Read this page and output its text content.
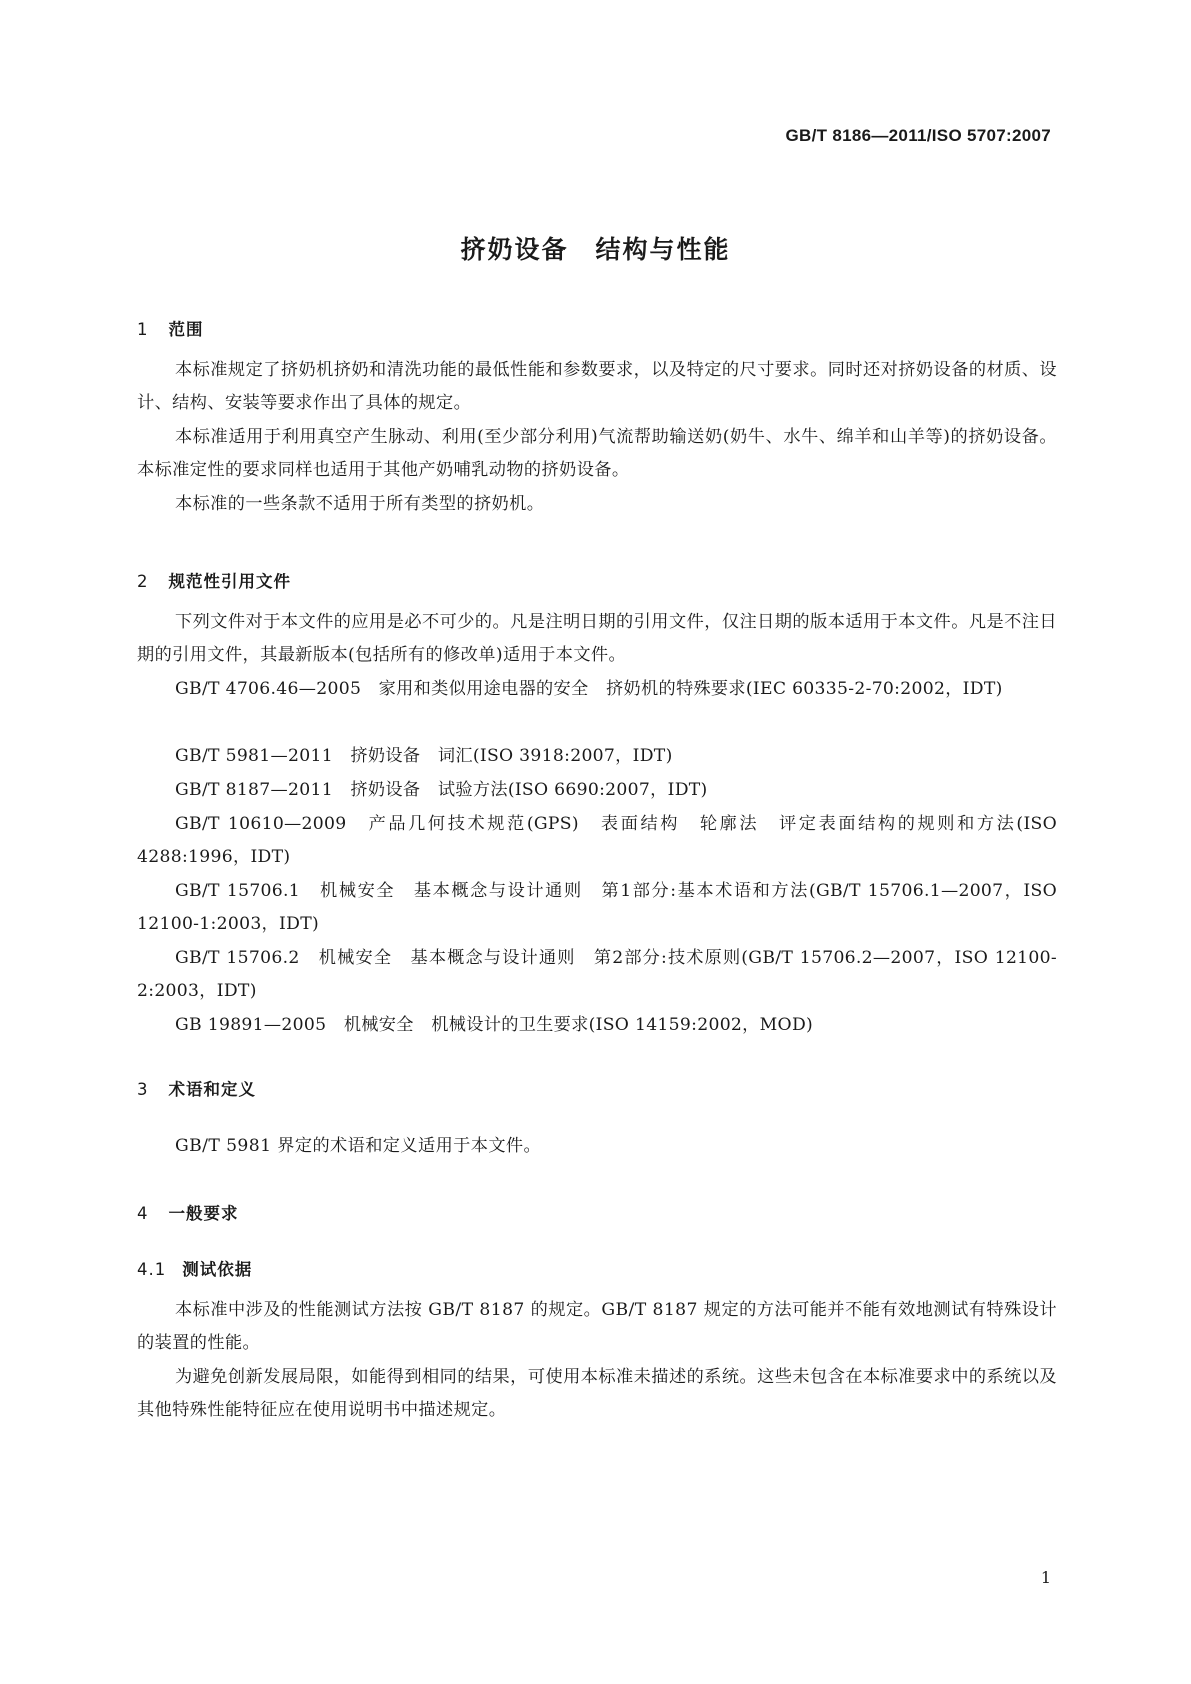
GB/T 8186—2011/ISO 5707:2007
挤奶设备　结构与性能
1 范围

本标准规定了挤奶机挤奶和清洗功能的最低性能和参数要求，以及特定的尺寸要求。同时还对挤奶设备的材质、设计、结构、安装等要求作出了具体的规定。

本标准适用于利用真空产生脉动、利用(至少部分利用)气流帮助输送奶(奶牛、水牛、绵羊和山羊等)的挤奶设备。本标准定性的要求同样也适用于其他产奶哺乳动物的挤奶设备。

本标准的一些条款不适用于所有类型的挤奶机。

2 规范性引用文件

下列文件对于本文件的应用是必不可少的。凡是注明日期的引用文件，仅注日期的版本适用于本文件。凡是不注日期的引用文件，其最新版本(包括所有的修改单)适用于本文件。

GB/T 4706.46—2005　家用和类似用途电器的安全　挤奶机的特殊要求(IEC 60335-2-70:2002，IDT)

GB/T 5981—2011　挤奶设备　词汇(ISO 3918:2007，IDT)

GB/T 8187—2011　挤奶设备　试验方法(ISO 6690:2007，IDT)

GB/T 10610—2009　产品几何技术规范(GPS)　表面结构　轮廓法　评定表面结构的规则和方法(ISO 4288:1996，IDT)

GB/T 15706.1　机械安全　基本概念与设计通则　第1部分:基本术语和方法(GB/T 15706.1—2007，ISO 12100-1:2003，IDT)

GB/T 15706.2　机械安全　基本概念与设计通则　第2部分:技术原则(GB/T 15706.2—2007，ISO 12100-2:2003，IDT)

GB 19891—2005　机械安全　机械设计的卫生要求(ISO 14159:2002，MOD)

3 术语和定义

GB/T 5981 界定的术语和定义适用于本文件。

4 一般要求
4.1 测试依据

本标准中涉及的性能测试方法按 GB/T 8187 的规定。GB/T 8187 规定的方法可能并不能有效地测试有特殊设计的装置的性能。

为避免创新发展局限，如能得到相同的结果，可使用本标准未描述的系统。这些未包含在本标准要求中的系统以及其他特殊性能特征应在使用说明书中描述规定。

1
